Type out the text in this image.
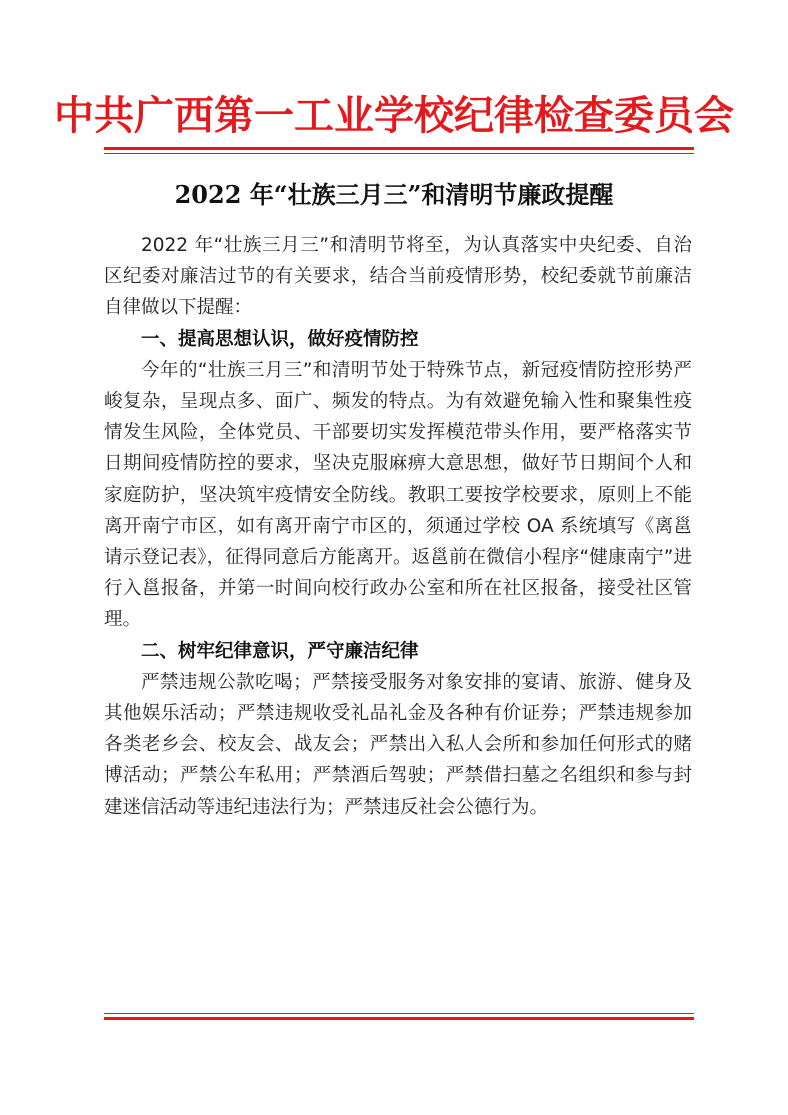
中共广西第一工业学校纪律检查委员会
2022 年“壮族三月三”和清明节廉政提醒

2022 年“壮族三月三”和清明节将至，为认真落实中央纪委、自治区纪委对廉洁过节的有关要求，结合当前疫情形势，校纪委就节前廉洁自律做以下提醒：

一、提高思想认识，做好疫情防控

今年的“壮族三月三”和清明节处于特殊节点，新冠疫情防控形势严峻复杂，呈现点多、面广、频发的特点。为有效避免输入性和聚集性疫情发生风险，全体党员、干部要切实发挥模范带头作用，要严格落实节日期间疫情防控的要求，坚决克服麻痹大意思想，做好节日期间个人和家庭防护，坚决筑牢疫情安全防线。教职工要按学校要求，原则上不能离开南宁市区，如有离开南宁市区的，须通过学校 OA 系统填写《离邕请示登记表》，征得同意后方能离开。返邕前在微信小程序“健康南宁”进行入邕报备，并第一时间向校行政办公室和所在社区报备，接受社区管理。

二、树牢纪律意识，严守廉洁纪律

严禁违规公款吃喝；严禁接受服务对象安排的宴请、旅游、健身及其他娱乐活动；严禁违规收受礼品礼金及各种有价证券；严禁违规参加各类老乡会、校友会、战友会；严禁出入私人会所和参加任何形式的赌博活动；严禁公车私用；严禁酒后驾驶；严禁借扫墓之名组织和参与封建迷信活动等违纪违法行为；严禁违反社会公德行为。
